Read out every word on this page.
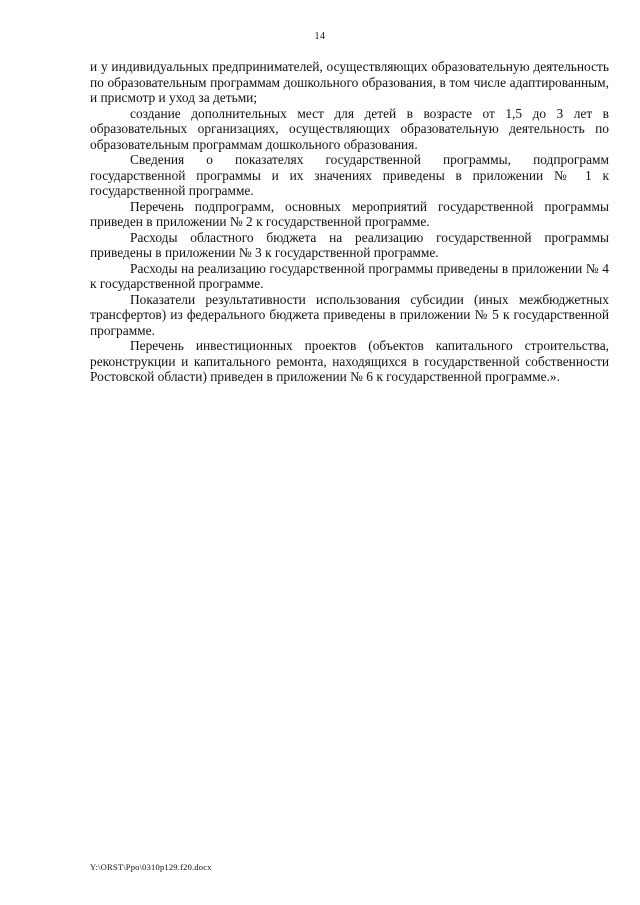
14

и у индивидуальных предпринимателей, осуществляющих образовательную деятельность по образовательным программам дошкольного образования, в том числе адаптированным, и присмотр и уход за детьми;

создание дополнительных мест для детей в возрасте от 1,5 до 3 лет в образовательных организациях, осуществляющих образовательную деятельность по образовательным программам дошкольного образования.

Сведения о показателях государственной программы, подпрограмм государственной программы и их значениях приведены в приложении № 1 к государственной программе.

Перечень подпрограмм, основных мероприятий государственной программы приведен в приложении № 2 к государственной программе.

Расходы областного бюджета на реализацию государственной программы приведены в приложении № 3 к государственной программе.

Расходы на реализацию государственной программы приведены в приложении № 4 к государственной программе.

Показатели результативности использования субсидии (иных межбюджетных трансфертов) из федерального бюджета приведены в приложении № 5 к государственной программе.

Перечень инвестиционных проектов (объектов капитального строительства, реконструкции и капитального ремонта, находящихся в государственной собственности Ростовской области) приведен в приложении № 6 к государственной программе.».

Y:\ORST\Ppo\0310p129.f20.docx
